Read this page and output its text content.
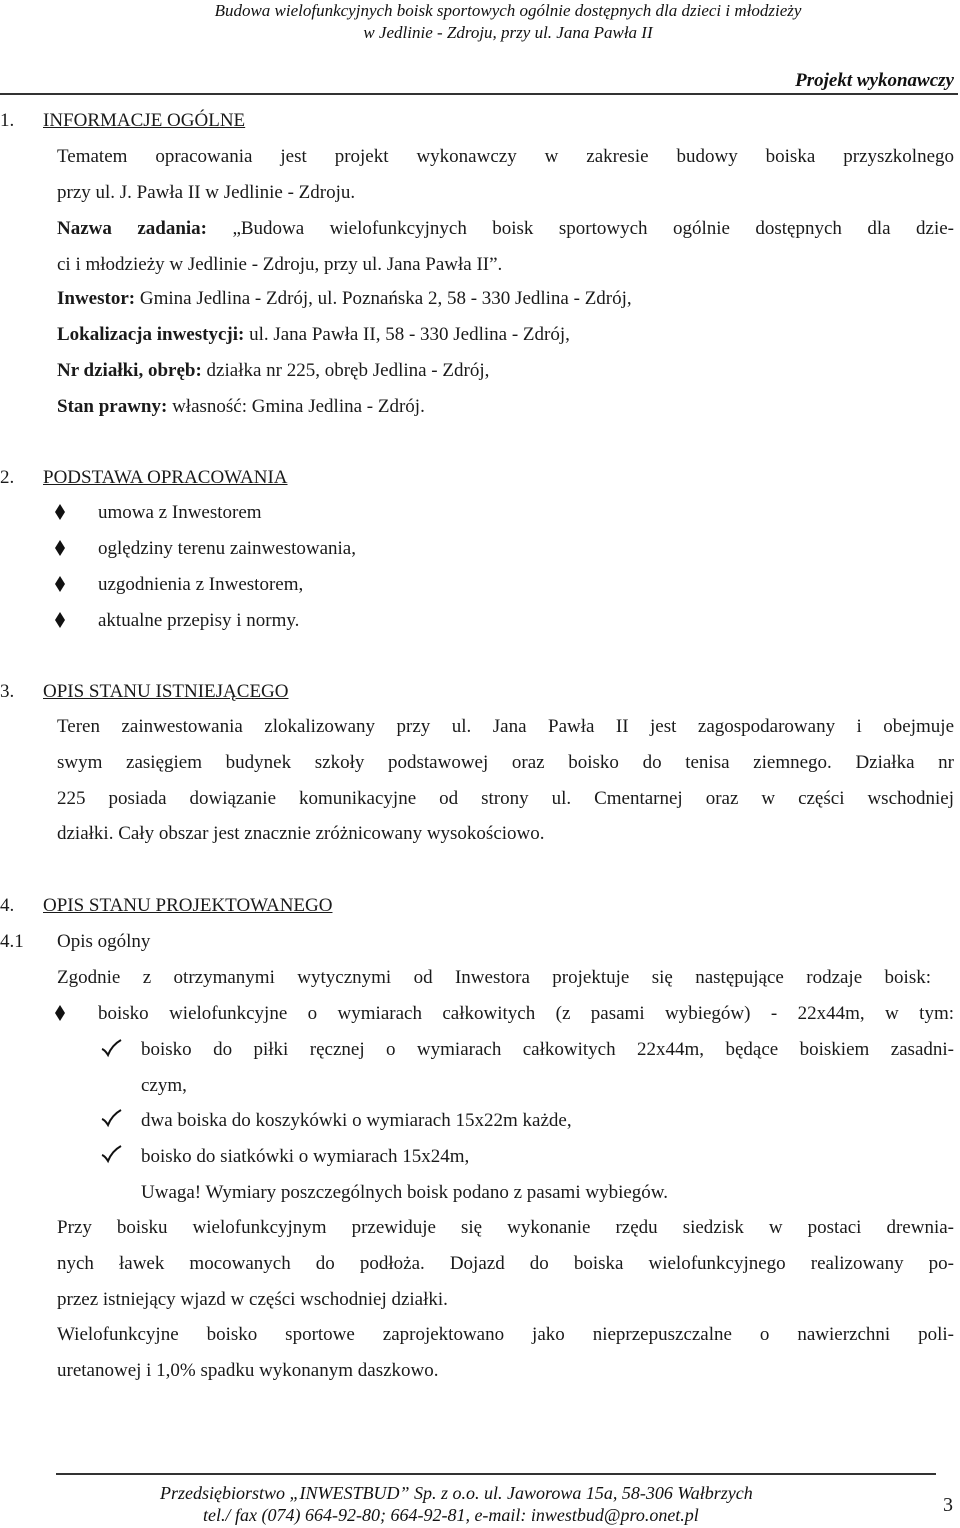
Budowa wielofunkcyjnych boisk sportowych ogólnie dostępnych dla dzieci i młodzieży
w Jedlinie - Zdroju, przy ul. Jana Pawła II
Projekt wykonawczy
1. INFORMACJE OGÓLNE
Tematem opracowania jest projekt wykonawczy w zakresie budowy boiska przyszkolnego
przy ul. J. Pawła II w Jedlinie - Zdroju.
Nazwa zadania: „Budowa wielofunkcyjnych boisk sportowych ogólnie dostępnych dla dzie-
ci i młodzieży w Jedlinie - Zdroju, przy ul. Jana Pawła II”.
Inwestor: Gmina Jedlina - Zdrój, ul. Poznańska 2, 58 - 330 Jedlina - Zdrój,
Lokalizacja inwestycji: ul. Jana Pawła II, 58 - 330 Jedlina - Zdrój,
Nr działki, obręb: działka nr 225, obręb Jedlina - Zdrój,
Stan prawny: własność: Gmina Jedlina - Zdrój.
2. PODSTAWA OPRACOWANIA
umowa z Inwestorem
oględziny terenu zainwestowania,
uzgodnienia z Inwestorem,
aktualne przepisy i normy.
3. OPIS STANU ISTNIEJĄCEGO
Teren zainwestowania zlokalizowany przy ul. Jana Pawła II jest zagospodarowany i obejmuje
swym zasięgiem budynek szkoły podstawowej oraz boisko do tenisa ziemnego. Działka nr
225 posiada dowiązanie komunikacyjne od strony ul. Cmentarnej oraz w części wschodniej
działki. Cały obszar jest znacznie zróżnicowany wysokościowo.
4. OPIS STANU PROJEKTOWANEGO
4.1 Opis ogólny
Zgodnie z otrzymanymi wytycznymi od Inwestora projektuje się następujące rodzaje boisk:
boisko wielofunkcyjne o wymiarach całkowitych (z pasami wybiegów) - 22x44m, w tym:
boisko do piłki ręcznej o wymiarach całkowitych 22x44m, będące boiskiem zasadni-
czym,
dwa boiska do koszykówki o wymiarach 15x22m każde,
boisko do siatkówki o wymiarach 15x24m,
Uwaga! Wymiary poszczególnych boisk podano z pasami wybiegów.
Przy boisku wielofunkcyjnym przewiduje się wykonanie rzędu siedzisk w postaci drewnia-
nych ławek mocowanych do podłoża. Dojazd do boiska wielofunkcyjnego realizowany po-
przez istniejący wjazd w części wschodniej działki.
Wielofunkcyjne boisko sportowe zaprojektowano jako nieprzepuszczalne o nawierzchni poli-
uretanowej i 1,0% spadku wykonanym daszkowo.
Przedsiębiorstwo „INWESTBUD” Sp. z o.o. ul. Jaworowa 15a, 58-306 Wałbrzych
tel./ fax (074) 664-92-80; 664-92-81, e-mail: inwestbud@pro.onet.pl	3
